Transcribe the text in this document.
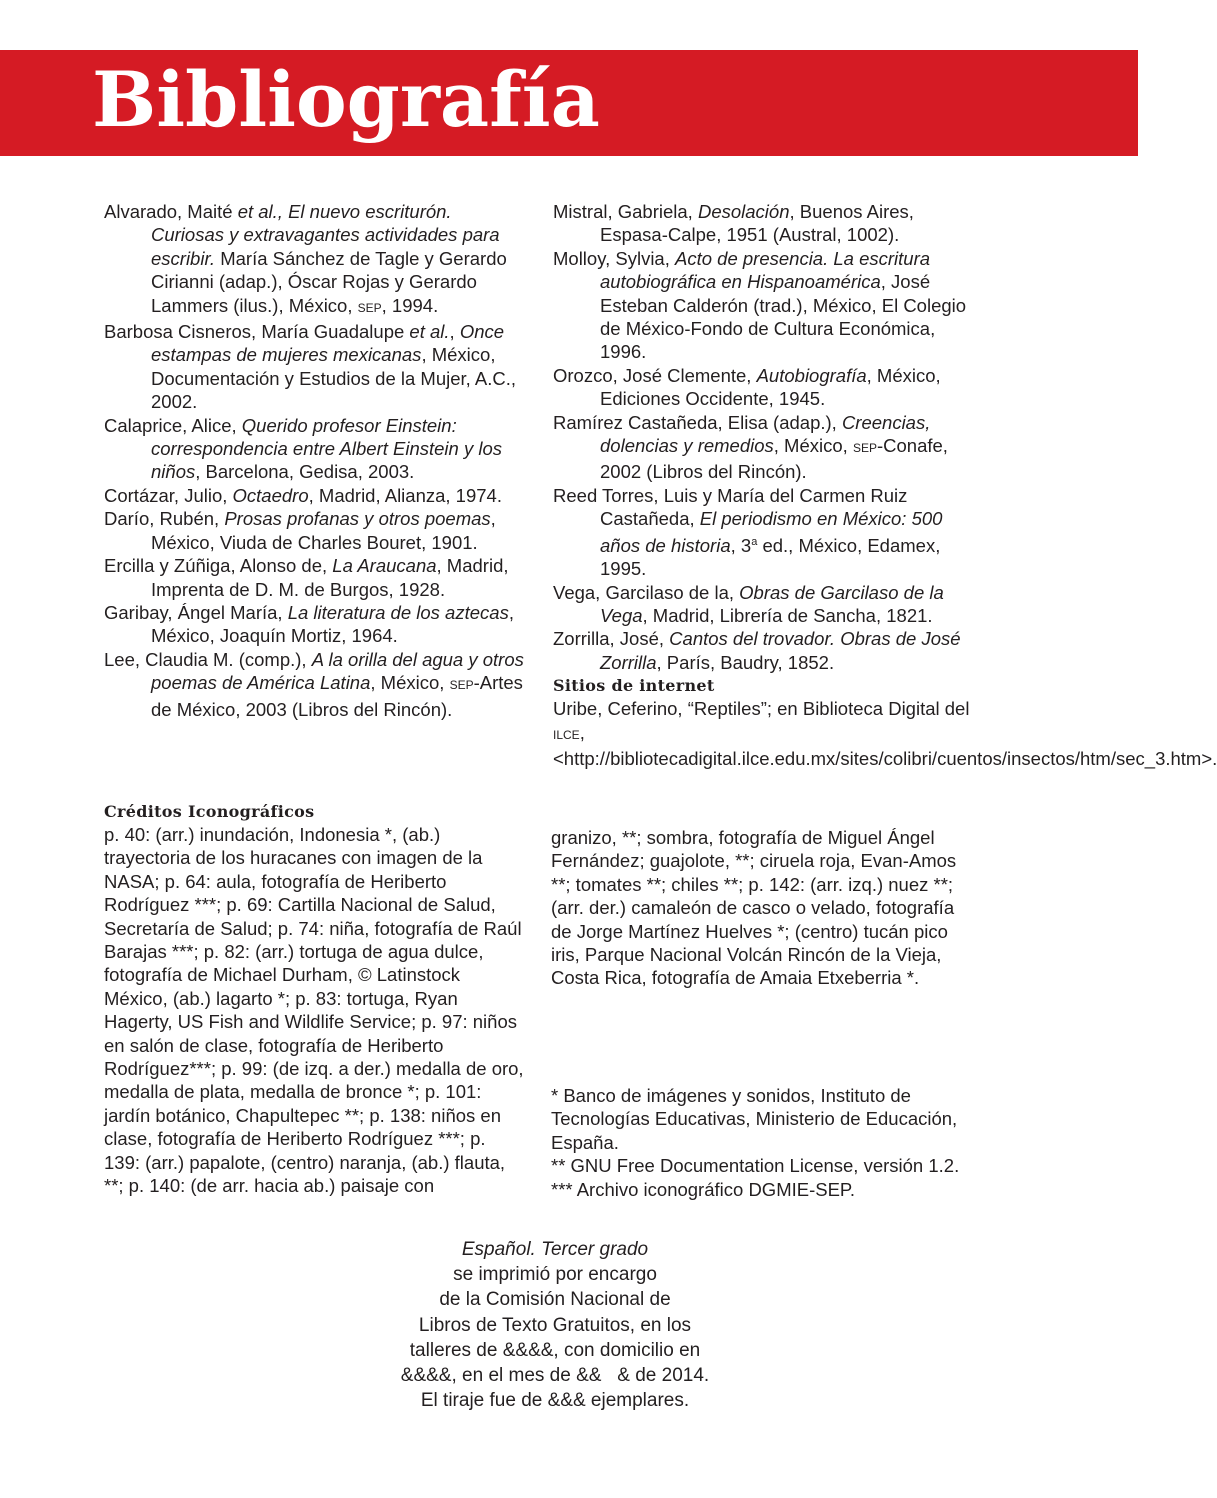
Bibliografía

Alvarado, Maité et al., El nuevo escriturón. Curiosas y extravagantes actividades para escribir. María Sánchez de Tagle y Gerardo Cirianni (adap.), Óscar Rojas y Gerardo Lammers (ilus.), México, SEP, 1994.

Barbosa Cisneros, María Guadalupe et al., Once estampas de mujeres mexicanas, México, Documentación y Estudios de la Mujer, A.C., 2002.

Calaprice, Alice, Querido profesor Einstein: correspondencia entre Albert Einstein y los niños, Barcelona, Gedisa, 2003.

Cortázar, Julio, Octaedro, Madrid, Alianza, 1974.

Darío, Rubén, Prosas profanas y otros poemas, México, Viuda de Charles Bouret, 1901.

Ercilla y Zúñiga, Alonso de, La Araucana, Madrid, Imprenta de D. M. de Burgos, 1928.

Garibay, Ángel María, La literatura de los aztecas, México, Joaquín Mortiz, 1964.

Lee, Claudia M. (comp.), A la orilla del agua y otros poemas de América Latina, México, SEP-Artes de México, 2003 (Libros del Rincón).

Mistral, Gabriela, Desolación, Buenos Aires, Espasa-Calpe, 1951 (Austral, 1002).

Molloy, Sylvia, Acto de presencia. La escritura autobiográfica en Hispanoamérica, José Esteban Calderón (trad.), México, El Colegio de México-Fondo de Cultura Económica, 1996.

Orozco, José Clemente, Autobiografía, México, Ediciones Occidente, 1945.

Ramírez Castañeda, Elisa (adap.), Creencias, dolencias y remedios, México, SEP-Conafe, 2002 (Libros del Rincón).

Reed Torres, Luis y María del Carmen Ruiz Castañeda, El periodismo en México: 500 años de historia, 3$^a$ ed., México, Edamex, 1995.

Vega, Garcilaso de la, Obras de Garcilaso de la Vega, Madrid, Librería de Sancha, 1821.

Zorrilla, José, Cantos del trovador. Obras de José Zorrilla, París, Baudry, 1852.

Sitios de internet

Uribe, Ceferino, “Reptiles”; en Biblioteca Digital del ILCE, <http://bibliotecadigital.ilce.edu.mx/sites/colibri/cuentos/insectos/htm/sec_3.htm>.

Créditos Iconográficos

p. 40: (arr.) inundación, Indonesia *, (ab.) trayectoria de los huracanes con imagen de la NASA; p. 64: aula, fotografía de Heriberto Rodríguez ***; p. 69: Cartilla Nacional de Salud, Secretaría de Salud; p. 74: niña, fotografía de Raúl Barajas ***; p. 82: (arr.) tortuga de agua dulce, fotografía de Michael Durham, © Latinstock México, (ab.) lagarto *; p. 83: tortuga, Ryan Hagerty, US Fish and Wildlife Service; p. 97: niños en salón de clase, fotografía de Heriberto Rodríguez***; p. 99: (de izq. a der.) medalla de oro, medalla de plata, medalla de bronce *; p. 101: jardín botánico, Chapultepec **; p. 138: niños en clase, fotografía de Heriberto Rodríguez ***; p. 139: (arr.) papalote, (centro) naranja, (ab.) flauta, **; p. 140: (de arr. hacia ab.) paisaje con

granizo, **; sombra, fotografía de Miguel Ángel Fernández; guajolote, **; ciruela roja, Evan-Amos **; tomates **; chiles **; p. 142: (arr. izq.) nuez **; (arr. der.) camaleón de casco o velado, fotografía de Jorge Martínez Huelves *; (centro) tucán pico iris, Parque Nacional Volcán Rincón de la Vieja, Costa Rica, fotografía de Amaia Etxeberria *.

* Banco de imágenes y sonidos, Instituto de Tecnologías Educativas, Ministerio de Educación, España.

** GNU Free Documentation License, versión 1.2.

*** Archivo iconográfico DGMIE-SEP.

Español. Tercer grado

se imprimió por encargo

de la Comisión Nacional de

Libros de Texto Gratuitos, en los

talleres de &&&&, con domicilio en

&&&&, en el mes de &&   & de 2014.

El tiraje fue de &&& ejemplares.
